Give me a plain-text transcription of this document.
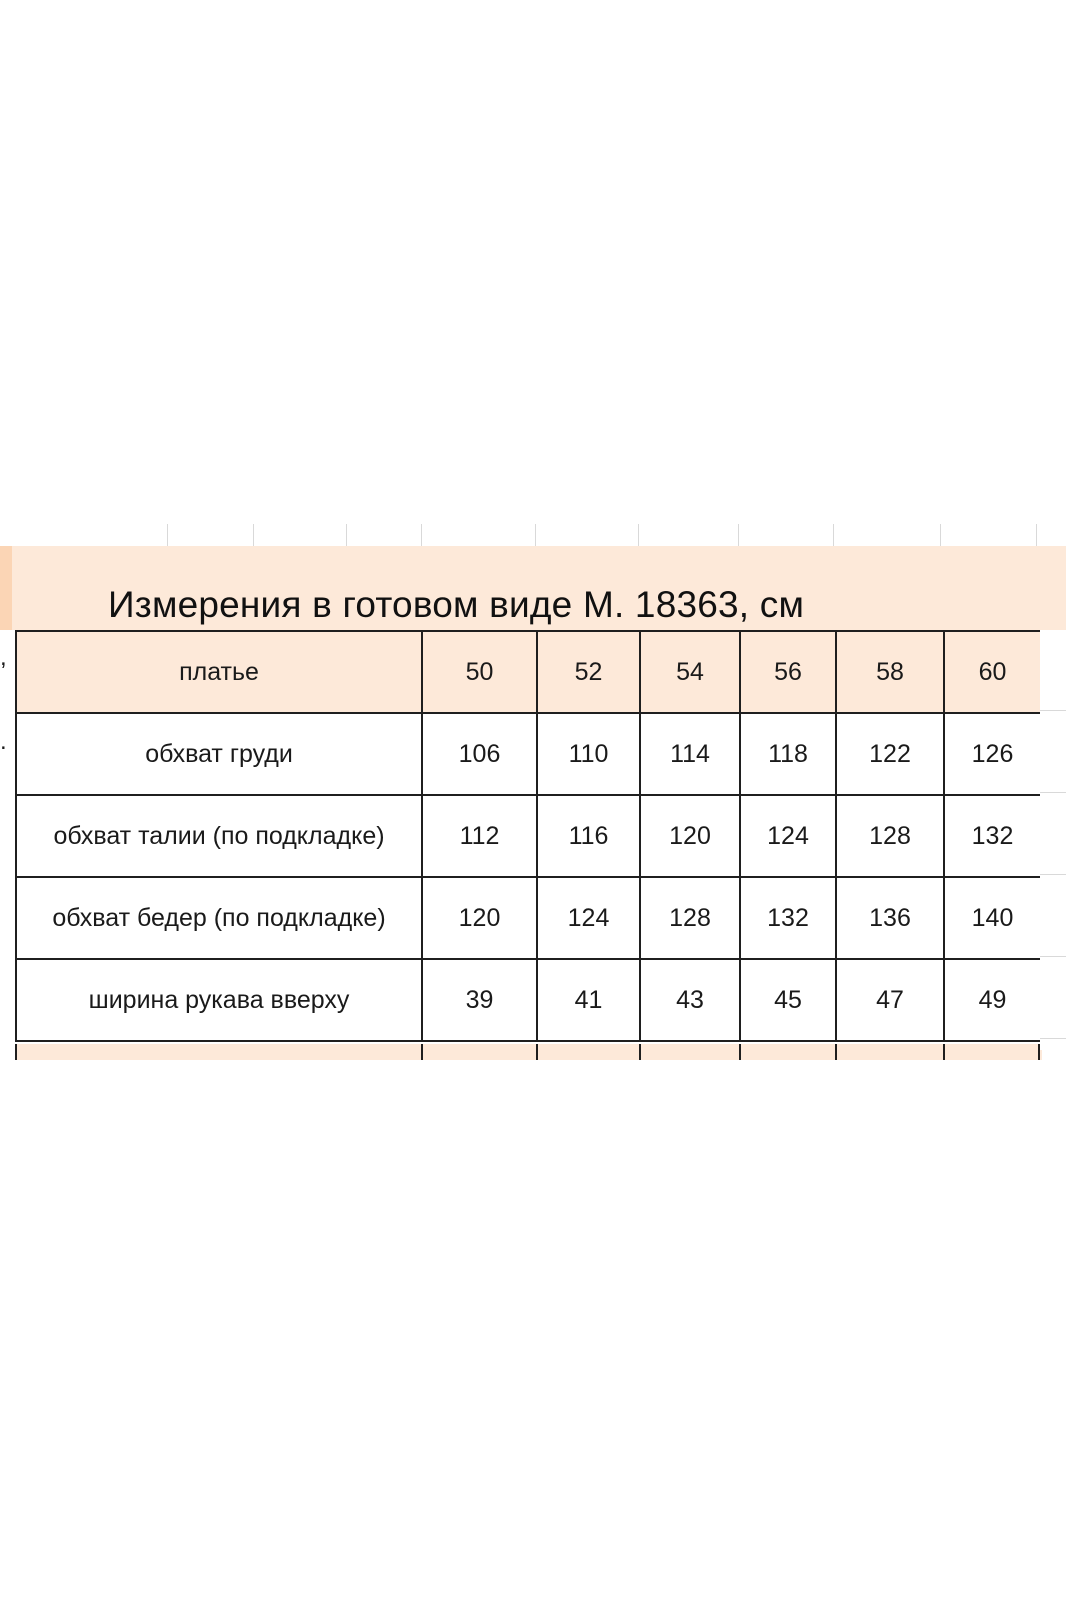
Измерения в готовом виде М. 18363, см
,
.
платье	50	52	54	56	58	60
обхват груди	106	110	114	118	122	126
обхват талии (по подкладке)	112	116	120	124	128	132
обхват бедер (по подкладке)	120	124	128	132	136	140
ширина рукава вверху	39	41	43	45	47	49
